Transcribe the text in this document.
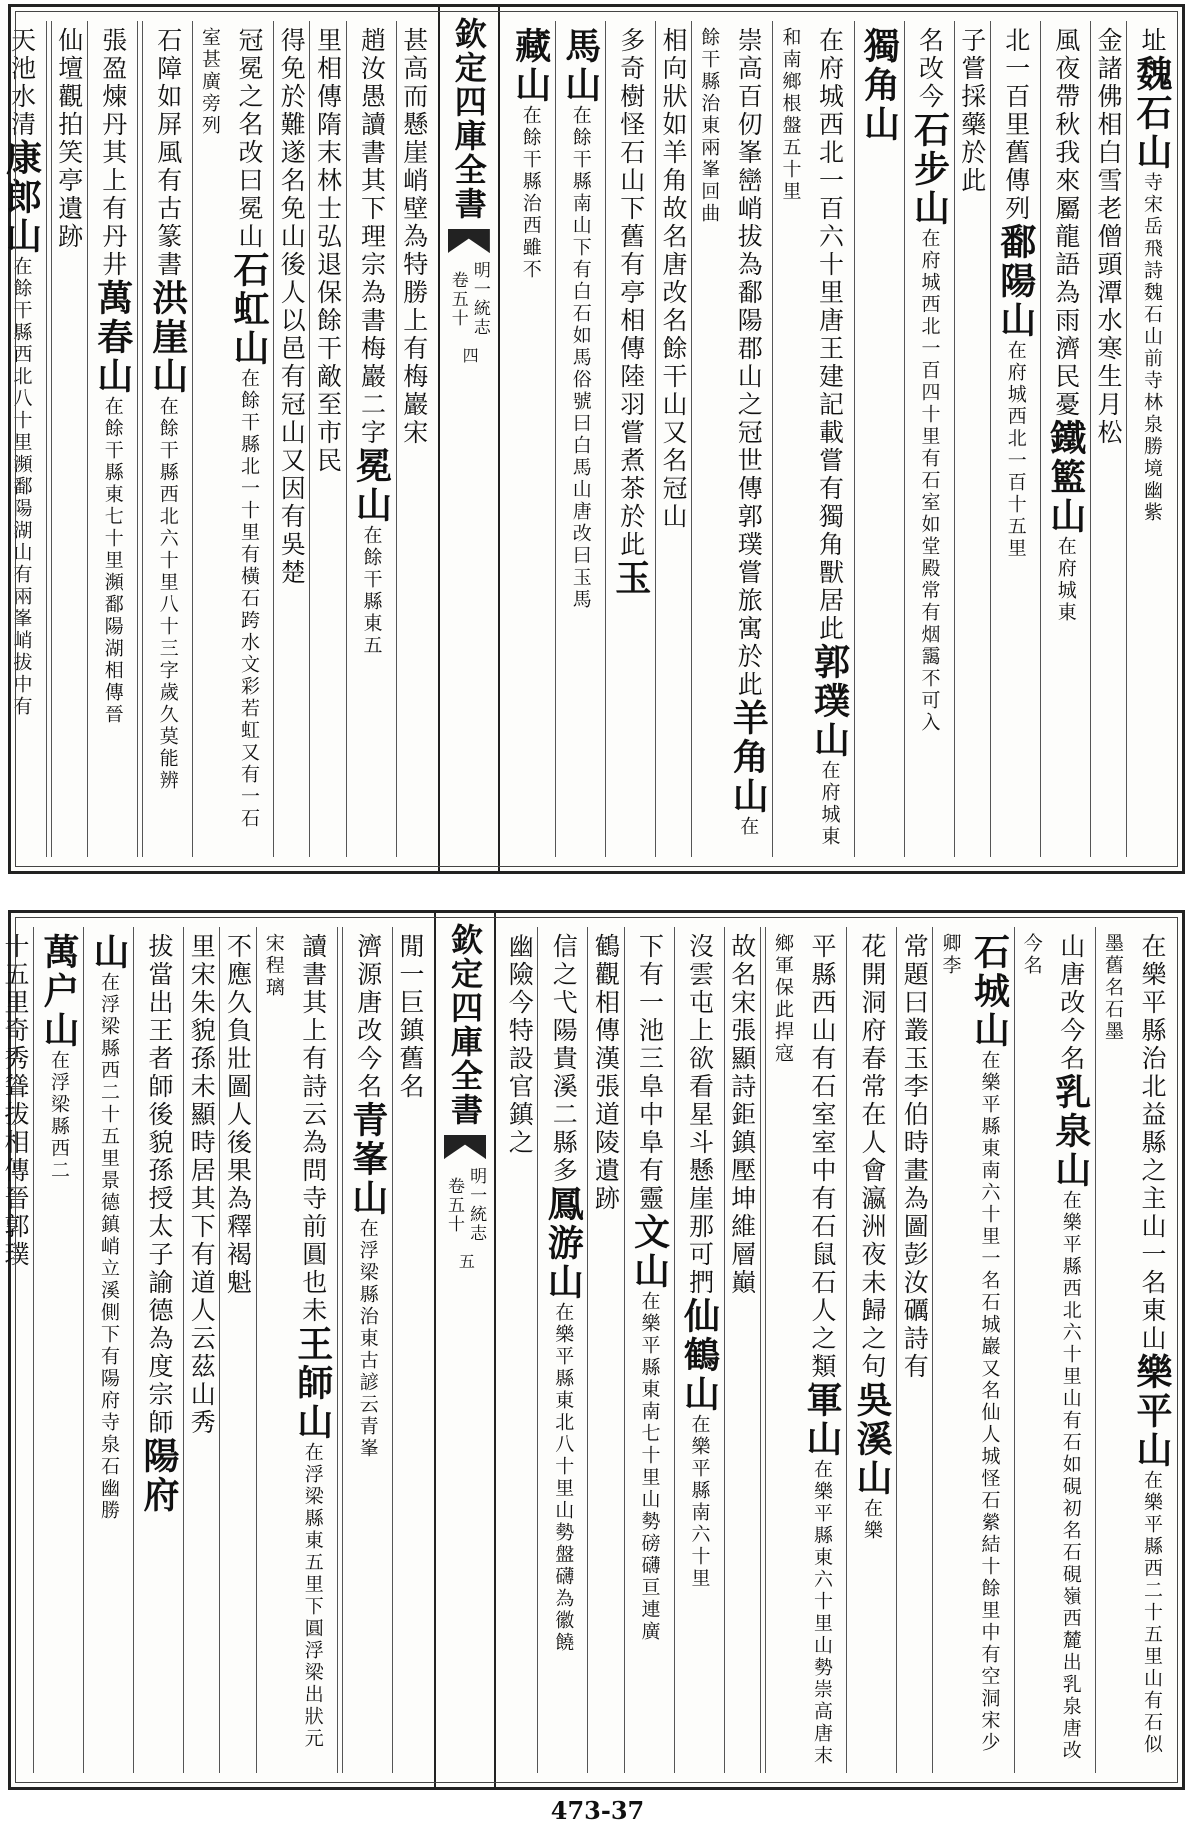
址魏石山寺宋岳飛詩魏石山前寺林泉勝境幽紫
金諸佛相白雪老僧頭潭水寒生月松
風夜帶秋我來屬龍語為雨濟民憂鐵籃山在府城東
北一百里舊傳列鄱陽山在府城西北一百十五里
子嘗採藥於此
名改今石步山在府城西北一百四十里有石室如堂殿常有烟靄不可入
獨角山
在府城西北一百六十里唐王建記載嘗有獨角獸居此郭璞山在府城東和南鄉根盤五十里
崇高百仞峯巒峭拔為鄱陽郡山之冠世傳郭璞嘗旅寓於此羊角山在餘干縣治東兩峯回曲
相向狀如羊角故名唐改名餘干山又名冠山
多奇樹怪石山下舊有亭相傳陸羽嘗煮茶於此玉
馬山在餘干縣南山下有白石如馬俗號曰白馬山唐改曰玉馬
藏山在餘干縣治西雖不
欽定四庫全書
明一統志
卷五十
四
甚高而懸崖峭壁為特勝上有梅巖宋
趙汝愚讀書其下理宗為書梅巖二字冕山在餘干縣東五
里相傳隋末林士弘退保餘干敵至市民
得免於難遂名免山後人以邑有冠山又因有吳楚
冠冕之名改曰冕山石虹山在餘干縣北一十里有橫石跨水文彩若虹又有一石室甚廣旁列
石障如屏風有古篆書洪崖山在餘干縣西北六十里八十三字歲久莫能辨
張盈煉丹其上有丹井萬春山在餘干縣東七十里瀕鄱陽湖相傳晉
仙壇觀拍笑亭遺跡
天池水清康郎山在餘干縣西北八十里瀕鄱陽湖山有兩峯峭拔中有
在樂平縣治北益縣之主山一名東山樂平山在樂平縣西二十五里山有石似墨舊名石墨
山唐改今名乳泉山在樂平縣西北六十里山有石如硯初名石硯嶺西麓出乳泉唐改今名
石城山在樂平縣東南六十里一名石城巖又名仙人城怪石縈結十餘里中有空洞宋少卿李
常題曰叢玉李伯時畫為圖彭汝礪詩有
花開洞府春常在人會瀛洲夜未歸之句吳溪山在樂
平縣西山有石室室中有石鼠石人之類軍山在樂平縣東六十里山勢崇高唐末鄉軍保此捍寇
故名宋張顯詩鉅鎮壓坤維層巔
沒雲屯上欲看星斗懸崖那可捫仙鶴山在樂平縣南六十里
下有一池三阜中阜有靈文山在樂平縣東南七十里山勢磅礴亘連廣
鶴觀相傳漢張道陵遺跡
信之弋陽貴溪二縣多鳳游山在樂平縣東北八十里山勢盤礴為徽饒
幽險今特設官鎮之
欽定四庫全書
明一統志
卷五十
五
閒一巨鎮舊名
濟源唐改今名青峯山在浮梁縣治東古諺云青峯
讀書其上有詩云為問寺前圓也未王師山在浮梁縣東五里下圓浮梁出狀元宋程璃
不應久負壯圖人後果為釋褐魁
里宋朱貌孫未顯時居其下有道人云茲山秀
拔當出王者師後貌孫授太子諭德為度宗師陽府
山在浮梁縣西二十五里景德鎮峭立溪側下有陽府寺泉石幽勝
萬户山在浮梁縣西二
十五里奇秀聳拔相傳晉郭璞
473-37
